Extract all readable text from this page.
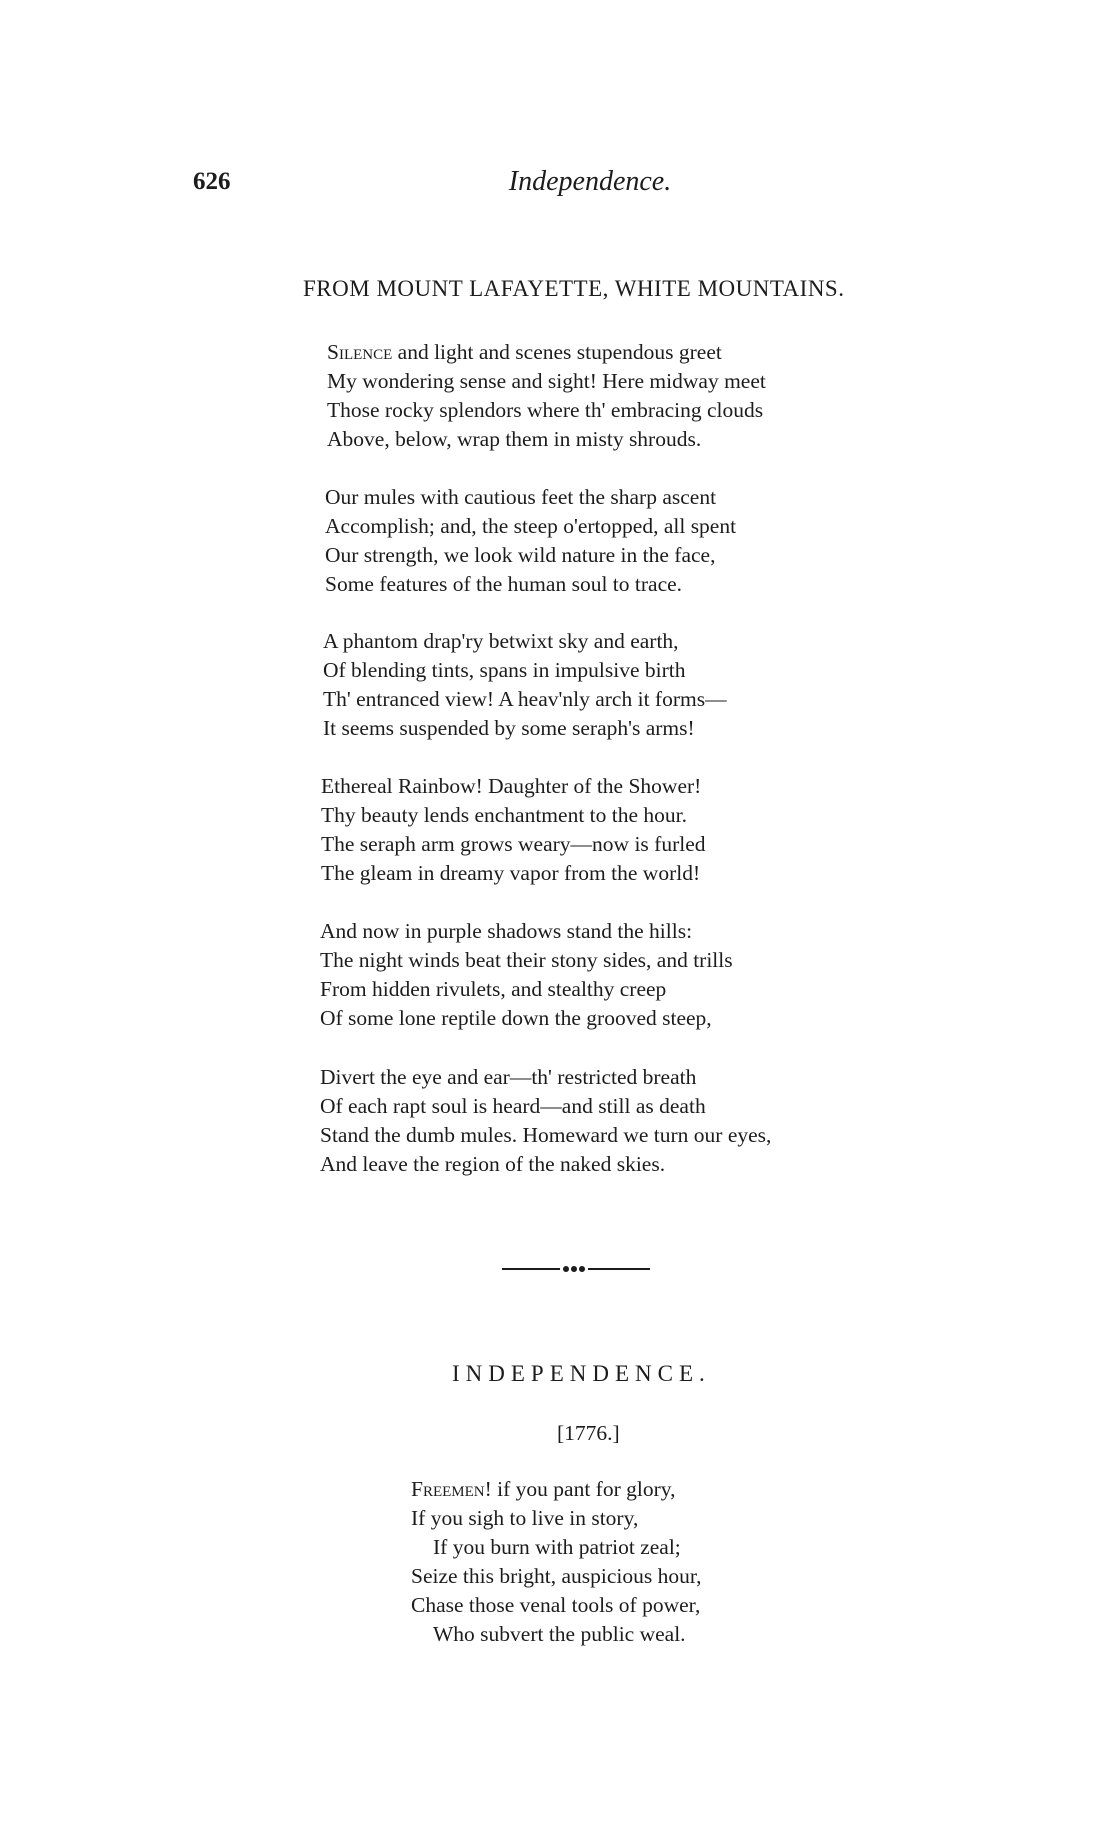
626	Independence.
FROM MOUNT LAFAYETTE, WHITE MOUNTAINS.
Silence and light and scenes stupendous greet
My wondering sense and sight! Here midway meet
Those rocky splendors where th' embracing clouds
Above, below, wrap them in misty shrouds.
Our mules with cautious feet the sharp ascent
Accomplish; and, the steep o'ertopped, all spent
Our strength, we look wild nature in the face,
Some features of the human soul to trace.
A phantom drap'ry betwixt sky and earth,
Of blending tints, spans in impulsive birth
Th' entranced view! A heav'nly arch it forms—
It seems suspended by some seraph's arms!
Ethereal Rainbow! Daughter of the Shower!
Thy beauty lends enchantment to the hour.
The seraph arm grows weary—now is furled
The gleam in dreamy vapor from the world!
And now in purple shadows stand the hills:
The night winds beat their stony sides, and trills
From hidden rivulets, and stealthy creep
Of some lone reptile down the grooved steep,
Divert the eye and ear—th' restricted breath
Of each rapt soul is heard—and still as death
Stand the dumb mules. Homeward we turn our eyes,
And leave the region of the naked skies.
INDEPENDENCE.
[1776.]
Freemen! if you pant for glory,
If you sigh to live in story,
If you burn with patriot zeal;
Seize this bright, auspicious hour,
Chase those venal tools of power,
Who subvert the public weal.
